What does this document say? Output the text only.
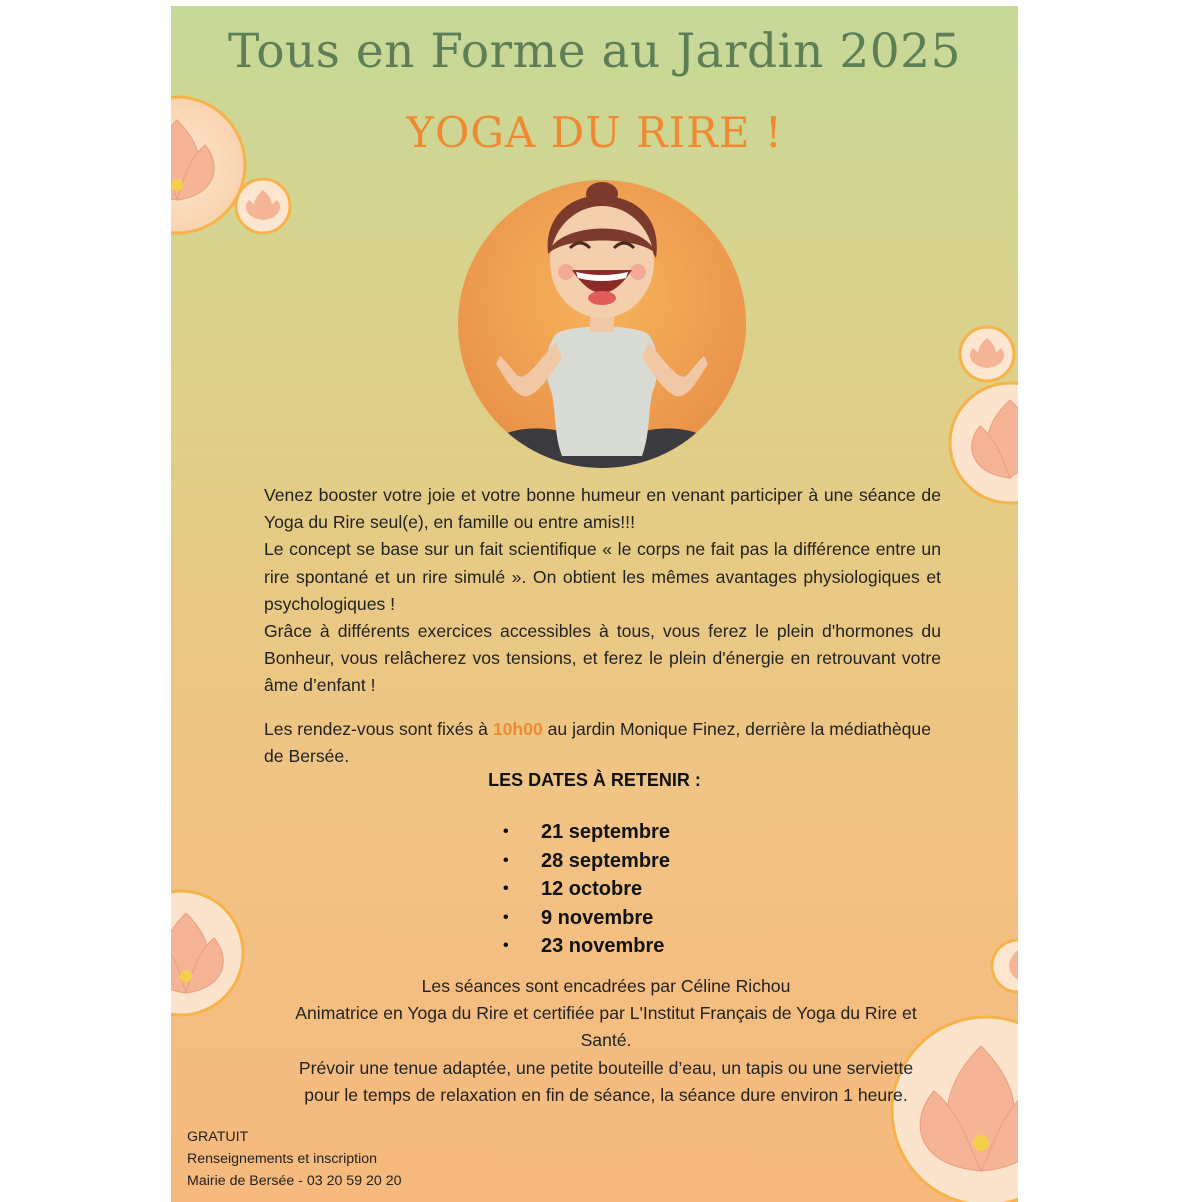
Tous en Forme au Jardin 2025
YOGA DU RIRE !

Venez booster votre joie et votre bonne humeur en venant participer à une séance de Yoga du Rire seul(e), en famille ou entre amis!!!

Le concept se base sur un fait scientifique « le corps ne fait pas la différence entre un rire spontané et un rire simulé ». On obtient les mêmes avantages physiologiques et psychologiques !

Grâce à différents exercices accessibles à tous, vous ferez le plein d'hormones du Bonheur, vous relâcherez vos tensions, et ferez le plein d'énergie en retrouvant votre âme d’enfant !

Les rendez-vous sont fixés à 10h00 au jardin Monique Finez, derrière la médiathèque de Bersée.
LES DATES À RETENIR :
• 21 septembre
• 28 septembre
• 12 octobre
• 9 novembre
• 23 novembre

Les séances sont encadrées par Céline Richou

Animatrice en Yoga du Rire et certifiée par L'Institut Français de Yoga du Rire et Santé.

Prévoir une tenue adaptée, une petite bouteille d’eau, un tapis ou une serviette pour le temps de relaxation en fin de séance, la séance dure environ 1 heure.

GRATUIT
Renseignements et inscription
Mairie de Bersée - 03 20 59 20 20
